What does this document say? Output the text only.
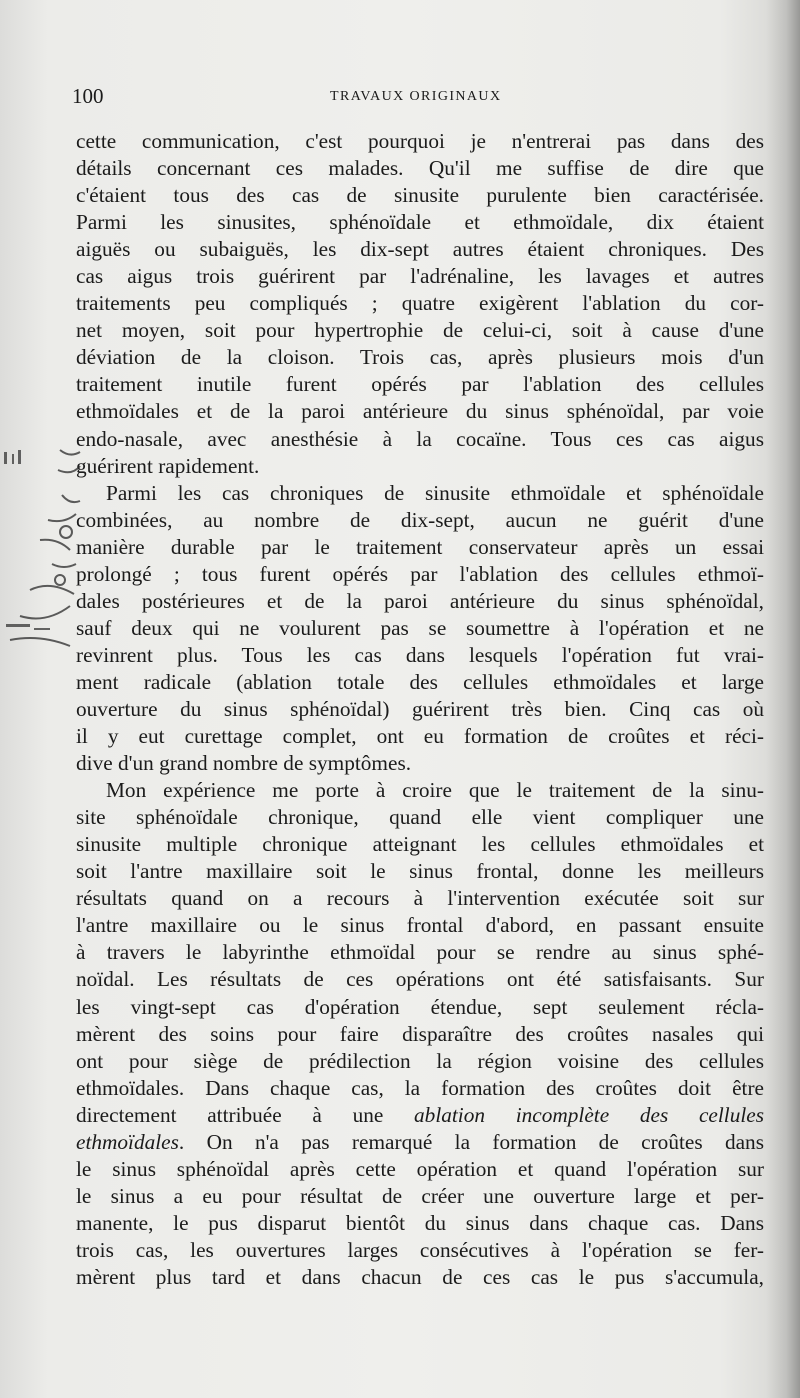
100	TRAVAUX ORIGINAUX
cette communication, c'est pourquoi je n'entrerai pas dans des
détails concernant ces malades. Qu'il me suffise de dire que
c'étaient tous des cas de sinusite purulente bien caractérisée.
Parmi les sinusites, sphénoïdale et ethmoïdale, dix étaient
aiguës ou subaiguës, les dix-sept autres étaient chroniques. Des
cas aigus trois guérirent par l'adrénaline, les lavages et autres
traitements peu compliqués ; quatre exigèrent l'ablation du cor-
net moyen, soit pour hypertrophie de celui-ci, soit à cause d'une
déviation de la cloison. Trois cas, après plusieurs mois d'un
traitement inutile furent opérés par l'ablation des cellules
ethmoïdales et de la paroi antérieure du sinus sphénoïdal, par voie
endo-nasale, avec anesthésie à la cocaïne. Tous ces cas aigus
guérirent rapidement.
Parmi les cas chroniques de sinusite ethmoïdale et sphénoïdale
combinées, au nombre de dix-sept, aucun ne guérit d'une
manière durable par le traitement conservateur après un essai
prolongé ; tous furent opérés par l'ablation des cellules ethmoï-
dales postérieures et de la paroi antérieure du sinus sphénoïdal,
sauf deux qui ne voulurent pas se soumettre à l'opération et ne
revinrent plus. Tous les cas dans lesquels l'opération fut vrai-
ment radicale (ablation totale des cellules ethmoïdales et large
ouverture du sinus sphénoïdal) guérirent très bien. Cinq cas où
il y eut curettage complet, ont eu formation de croûtes et réci-
dive d'un grand nombre de symptômes.
Mon expérience me porte à croire que le traitement de la sinu-
site sphénoïdale chronique, quand elle vient compliquer une
sinusite multiple chronique atteignant les cellules ethmoïdales et
soit l'antre maxillaire soit le sinus frontal, donne les meilleurs
résultats quand on a recours à l'intervention exécutée soit sur
l'antre maxillaire ou le sinus frontal d'abord, en passant ensuite
à travers le labyrinthe ethmoïdal pour se rendre au sinus sphé-
noïdal. Les résultats de ces opérations ont été satisfaisants. Sur
les vingt-sept cas d'opération étendue, sept seulement récla-
mèrent des soins pour faire disparaître des croûtes nasales qui
ont pour siège de prédilection la région voisine des cellules
ethmoïdales. Dans chaque cas, la formation des croûtes doit être
directement attribuée à une ablation incomplète des cellules
ethmoïdales. On n'a pas remarqué la formation de croûtes dans
le sinus sphénoïdal après cette opération et quand l'opération sur
le sinus a eu pour résultat de créer une ouverture large et per-
manente, le pus disparut bientôt du sinus dans chaque cas. Dans
trois cas, les ouvertures larges consécutives à l'opération se fer-
mèrent plus tard et dans chacun de ces cas le pus s'accumula,
